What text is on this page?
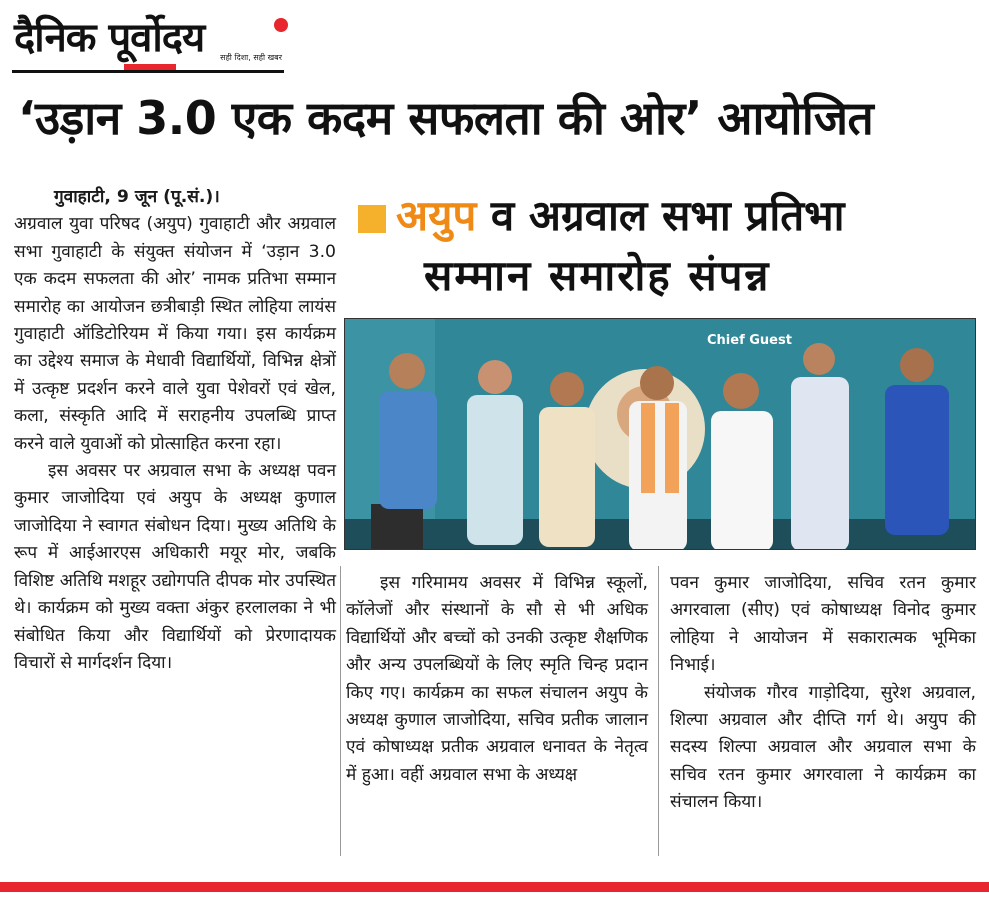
दैनिक पूर्वोदय सही दिशा, सही खबर
‘उड़ान 3.0 एक कदम सफलता की ओर’ आयोजित
अयुप व अग्रवाल सभा प्रतिभा
सम्मान समारोह संपन्न

गुवाहाटी, 9 जून (पू.सं.)।

अग्रवाल युवा परिषद (अयुप) गुवाहाटी और अग्रवाल सभा गुवाहाटी के संयुक्त संयोजन में ‘उड़ान 3.0 एक कदम सफलता की ओर’ नामक प्रतिभा सम्मान समारोह का आयोजन छत्रीबाड़ी स्थित लोहिया लायंस गुवाहाटी ऑडिटोरियम में किया गया। इस कार्यक्रम का उद्देश्य समाज के मेधावी विद्यार्थियों, विभिन्न क्षेत्रों में उत्कृष्ट प्रदर्शन करने वाले युवा पेशेवरों एवं खेल, कला, संस्कृति आदि में सराहनीय उपलब्धि प्राप्त करने वाले युवाओं को प्रोत्साहित करना रहा।

इस अवसर पर अग्रवाल सभा के अध्यक्ष पवन कुमार जाजोदिया एवं अयुप के अध्यक्ष कुणाल जाजोदिया ने स्वागत संबोधन दिया। मुख्य अतिथि के रूप में आईआरएस अधिकारी मयूर मोर, जबकि विशिष्ट अतिथि मशहूर उद्योगपति दीपक मोर उपस्थित थे। कार्यक्रम को मुख्य वक्ता अंकुर हरलालका ने भी संबोधित किया और विद्यार्थियों को प्रेरणादायक विचारों से मार्गदर्शन दिया।

Chief Guest

इस गरिमामय अवसर में विभिन्न स्कूलों, कॉलेजों और संस्थानों के सौ से भी अधिक विद्यार्थियों और बच्चों को उनकी उत्कृष्ट शैक्षणिक और अन्य उपलब्धियों के लिए स्मृति चिन्ह प्रदान किए गए। कार्यक्रम का सफल संचालन अयुप के अध्यक्ष कुणाल जाजोदिया, सचिव प्रतीक जालान एवं कोषाध्यक्ष प्रतीक अग्रवाल धनावत के नेतृत्व में हुआ। वहीं अग्रवाल सभा के अध्यक्ष

पवन कुमार जाजोदिया, सचिव रतन कुमार अगरवाला (सीए) एवं कोषाध्यक्ष विनोद कुमार लोहिया ने आयोजन में सकारात्मक भूमिका निभाई।

संयोजक गौरव गाड़ोदिया, सुरेश अग्रवाल, शिल्पा अग्रवाल और दीप्ति गर्ग थे। अयुप की सदस्य शिल्पा अग्रवाल और अग्रवाल सभा के सचिव रतन कुमार अगरवाला ने कार्यक्रम का संचालन किया।
